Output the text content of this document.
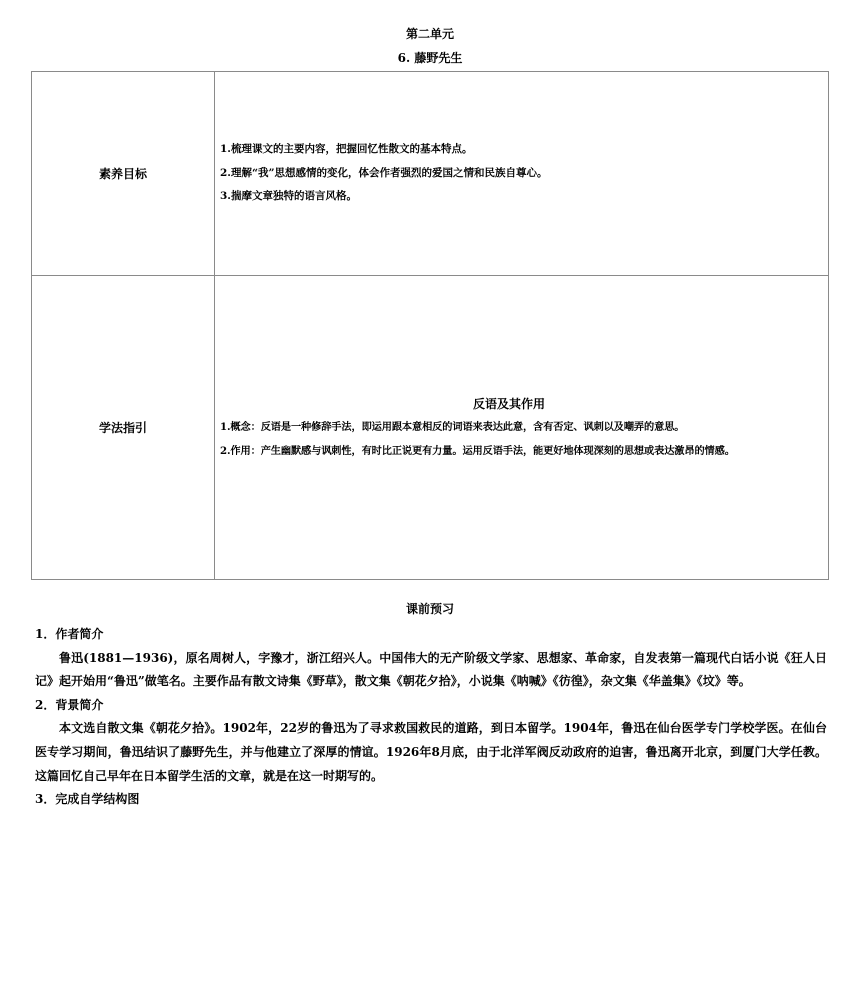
第二单元
6. 藤野先生
素养目标	1.梳理课文的主要内容，把握回忆性散文的基本特点。

2.理解“我”思想感情的变化，体会作者强烈的爱国之情和民族自尊心。

3.揣摩文章独特的语言风格。

学法指引	反语及其作用

1.概念：反语是一种修辞手法，即运用跟本意相反的词语来表达此意，含有否定、讽刺以及嘲弄的意思。

2.作用：产生幽默感与讽刺性，有时比正说更有力量。运用反语手法，能更好地体现深刻的思想或表达激昂的情感。

课前预习

1．作者简介

鲁迅(1881—1936)，原名周树人，字豫才，浙江绍兴人。中国伟大的无产阶级文学家、思想家、革命家，自发表第一篇现代白话小说《狂人日记》起开始用“鲁迅”做笔名。主要作品有散文诗集《野草》，散文集《朝花夕拾》，小说集《呐喊》《彷徨》，杂文集《华盖集》《坟》等。

2．背景简介

本文选自散文集《朝花夕拾》。1902年，22岁的鲁迅为了寻求救国救民的道路，到日本留学。1904年，鲁迅在仙台医学专门学校学医。在仙台医专学习期间，鲁迅结识了藤野先生，并与他建立了深厚的情谊。1926年8月底，由于北洋军阀反动政府的迫害，鲁迅离开北京，到厦门大学任教。这篇回忆自己早年在日本留学生活的文章，就是在这一时期写的。

3．完成自学结构图
